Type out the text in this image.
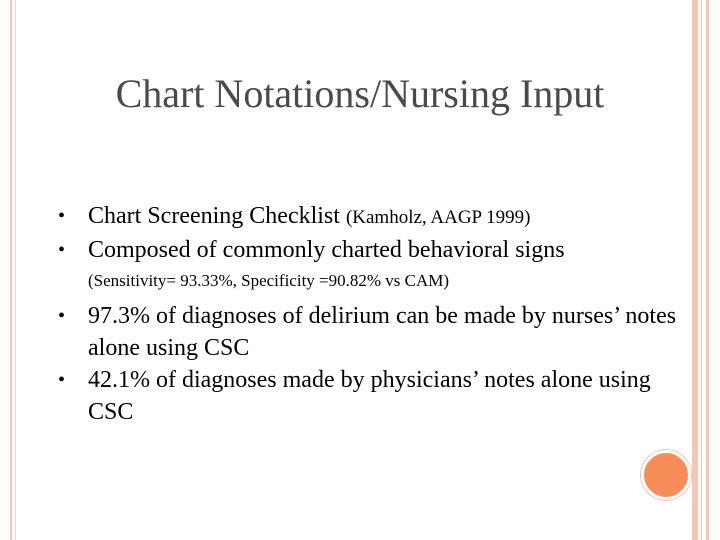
Chart Notations/Nursing Input
• Chart Screening Checklist (Kamholz, AAGP 1999)
• Composed of commonly charted behavioral signs
(Sensitivity= 93.33%, Specificity =90.82% vs CAM)
• 97.3% of diagnoses of delirium can be made by nurses’ notes alone using CSC
• 42.1% of diagnoses made by physicians’ notes alone using CSC
